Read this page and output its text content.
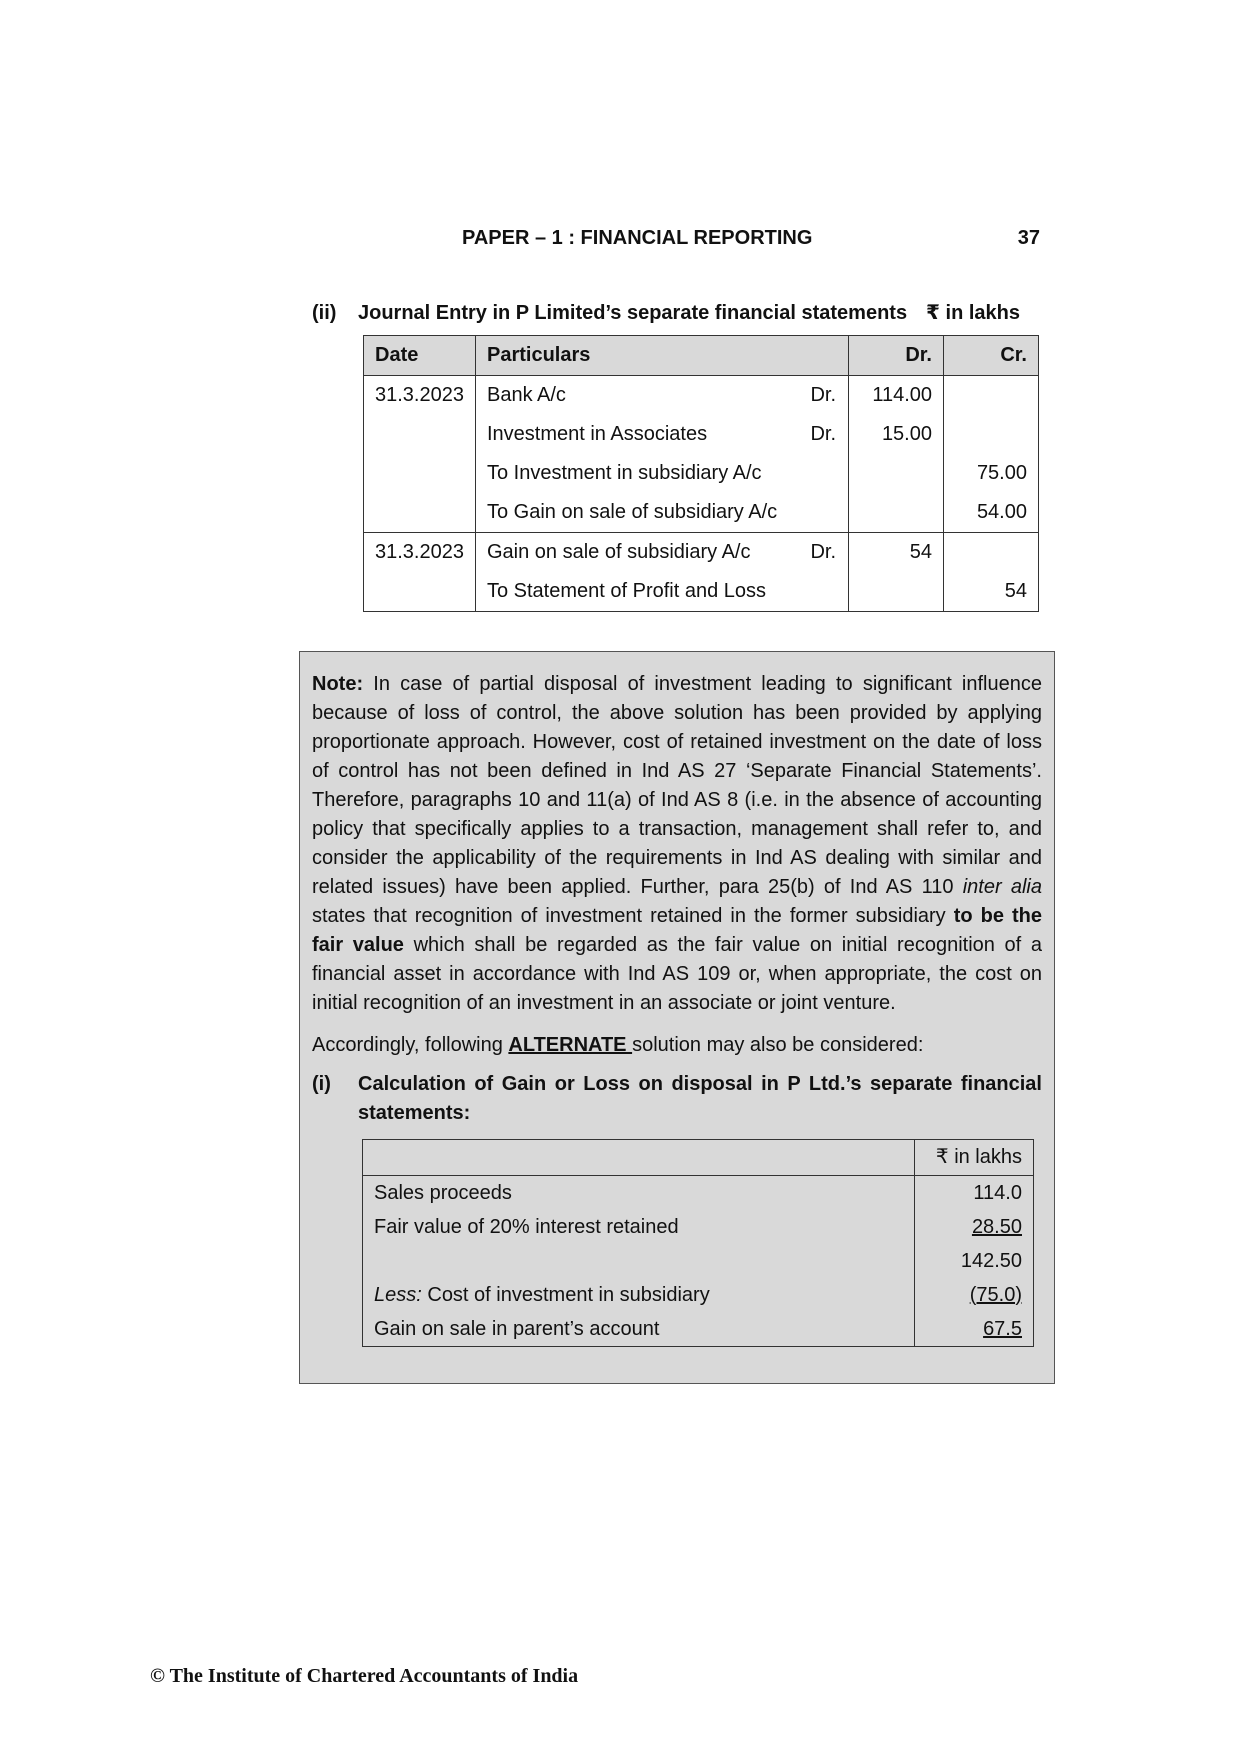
PAPER – 1 : FINANCIAL REPORTING	37
(ii) Journal Entry in P Limited’s separate financial statements ₹ in lakhs
Date	Particulars	Dr.	Cr.
31.3.2023	Bank A/c Dr.	114.00	
	Investment in Associates Dr.	15.00	
	To Investment in subsidiary A/c		75.00
	To Gain on sale of subsidiary A/c		54.00
31.3.2023	Gain on sale of subsidiary A/c Dr.	54	
	To Statement of Profit and Loss		54
Note: In case of partial disposal of investment leading to significant influence because of loss of control, the above solution has been provided by applying proportionate approach. However, cost of retained investment on the date of loss of control has not been defined in Ind AS 27 ‘Separate Financial Statements’. Therefore, paragraphs 10 and 11(a) of Ind AS 8 (i.e. in the absence of accounting policy that specifically applies to a transaction, management shall refer to, and consider the applicability of the requirements in Ind AS dealing with similar and related issues) have been applied. Further, para 25(b) of Ind AS 110 inter alia states that recognition of investment retained in the former subsidiary to be the fair value which shall be regarded as the fair value on initial recognition of a financial asset in accordance with Ind AS 109 or, when appropriate, the cost on initial recognition of an investment in an associate or joint venture.
Accordingly, following ALTERNATE solution may also be considered:
(i) Calculation of Gain or Loss on disposal in P Ltd.’s separate financial statements:
	₹ in lakhs
Sales proceeds	114.0
Fair value of 20% interest retained	28.50
	142.50
Less: Cost of investment in subsidiary	(75.0)
Gain on sale in parent’s account	67.5
© The Institute of Chartered Accountants of India
